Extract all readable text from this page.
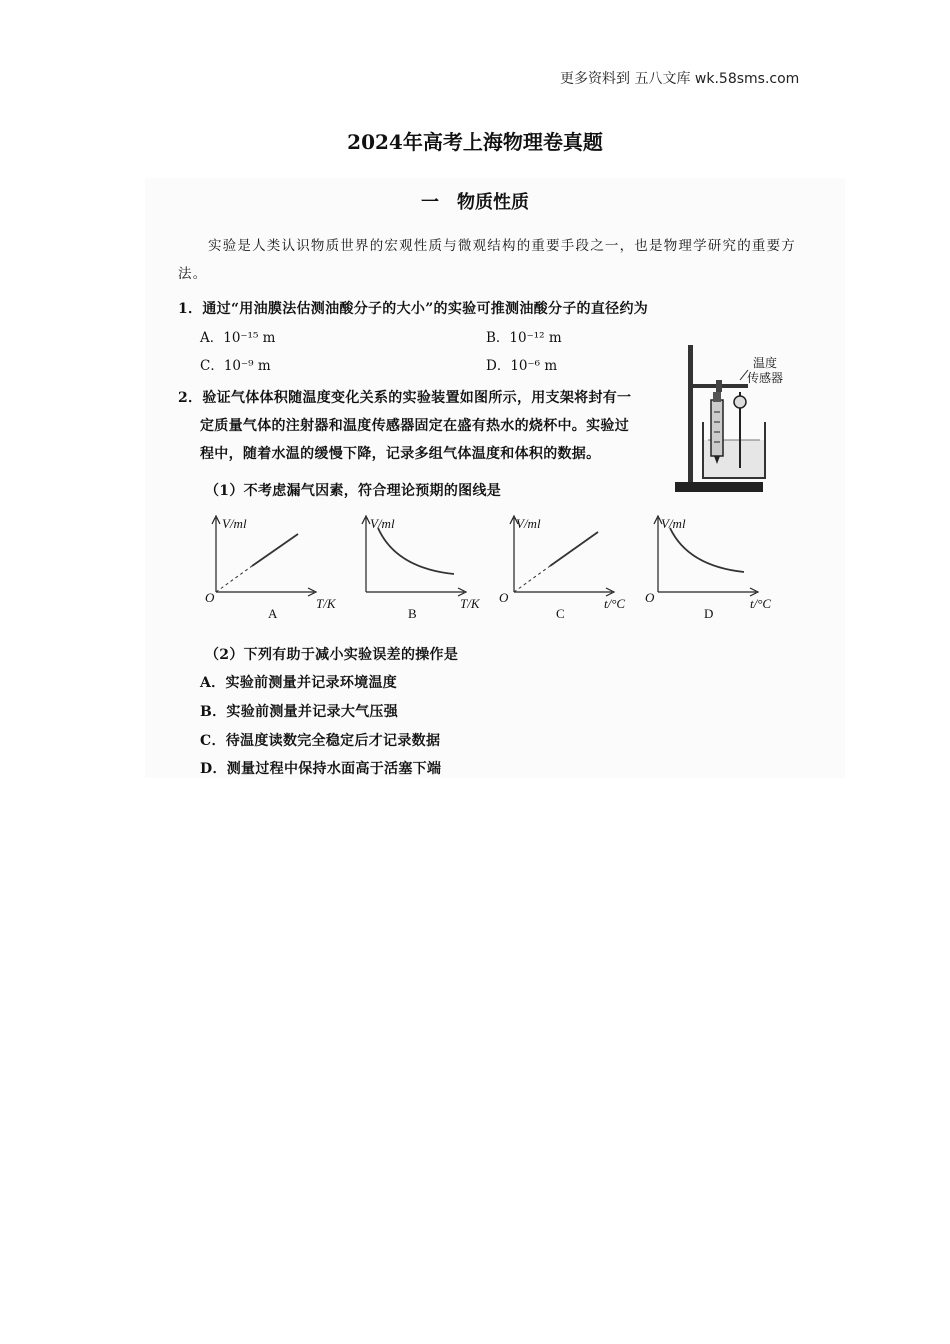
更多资料到 五八文库 wk.58sms.com
2024年高考上海物理卷真题
一　物质性质
实验是人类认识物质世界的宏观性质与微观结构的重要手段之一，也是物理学研究的重要方法。
1．通过“用油膜法估测油酸分子的大小”的实验可推测油酸分子的直径约为
A．10⁻¹⁵ m	B．10⁻¹² m
C．10⁻⁹ m	D．10⁻⁶ m
2．验证气体体积随温度变化关系的实验装置如图所示，用支架将封有一
定质量气体的注射器和温度传感器固定在盛有热水的烧杯中。实验过
程中，随着水温的缓慢下降，记录多组气体温度和体积的数据。
温度
传感器
（1）不考虑漏气因素，符合理论预期的图线是
V/ml
T/K
O
A
V/ml
T/K
B
V/ml
t/°C
O
C
V/ml
t/°C
O
D
（2）下列有助于减小实验误差的操作是
A．实验前测量并记录环境温度
B．实验前测量并记录大气压强
C．待温度读数完全稳定后才记录数据
D．测量过程中保持水面高于活塞下端
